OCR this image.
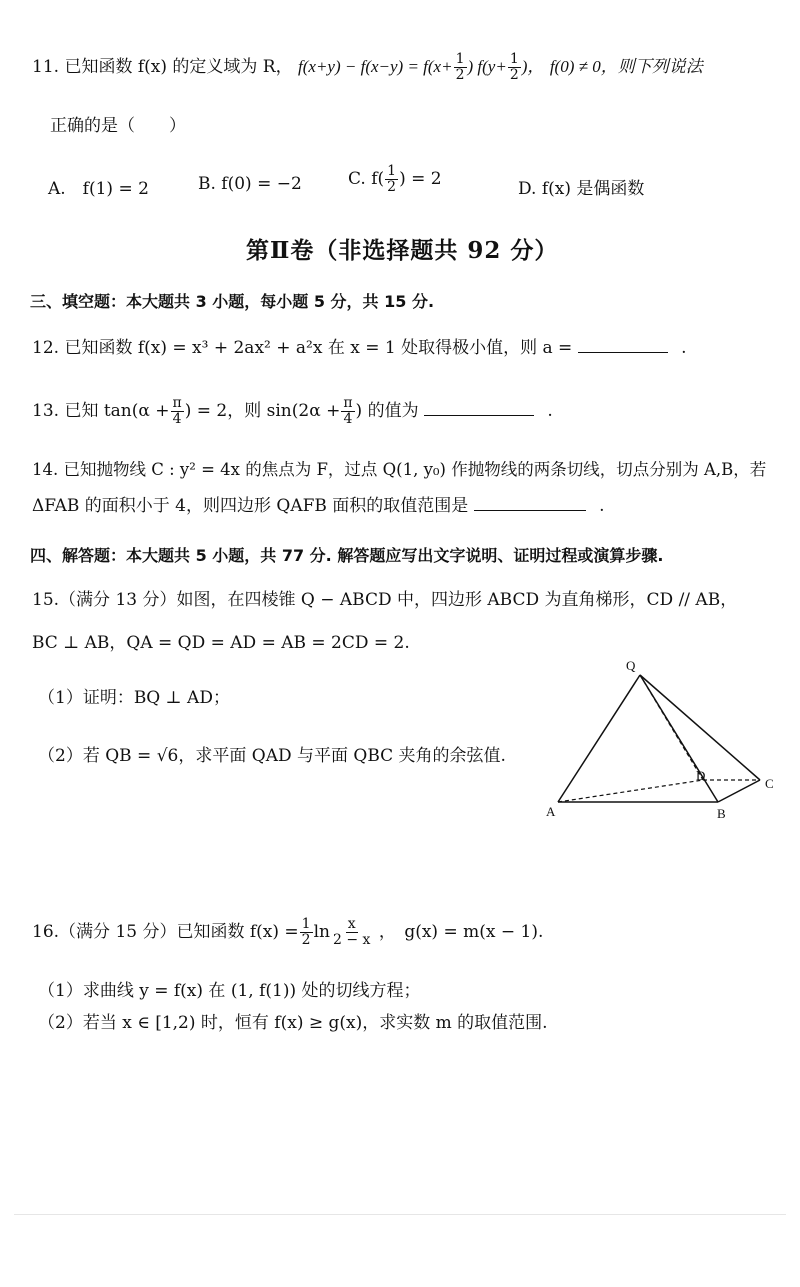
11. 已知函数 f(x) 的定义域为 R， $f(x+y) - f(x-y) = f(x+ \frac{1}{2}$ ) $f(y+ \frac{1}{2}$ )， f(0) ≠ 0，则下列说法
正确的是（　　）
A.　f(1) = 2	B. f(0) = −2	C. $f( \frac{1}{2}$ ) = 2	D. f(x) 是偶函数
第Ⅱ卷（非选择题共 92 分）
三、填空题：本大题共 3 小题，每小题 5 分，共 15 分.
12. 已知函数 f(x) = x³ + 2ax² + a²x 在 x = 1 处取得极小值，则 a =	.
13. 已知 $\tan(\alpha + \frac{\pi}{4}$ ) = 2，则 $\sin(2\alpha + \frac{\pi}{4}$ ) 的值为	.
14. 已知抛物线 C : y² = 4x 的焦点为 F，过点 Q(1, y₀) 作抛物线的两条切线，切点分别为 A,B，若
ΔFAB 的面积小于 4，则四边形 QAFB 面积的取值范围是	.
四、解答题：本大题共 5 小题，共 77 分. 解答题应写出文字说明、证明过程或演算步骤.
15.（满分 13 分）如图，在四棱锥 Q − ABCD 中，四边形 ABCD 为直角梯形，CD // AB，
BC ⊥ AB，QA = QD = AD = AB = 2CD = 2.
（1）证明：BQ ⊥ AD；
（2）若 QB = √6，求平面 QAD 与平面 QBC 夹角的余弦值.
Q
A	B
C
D
16.（满分 15 分）已知函数 $f(x) = \frac{1}{2}$ $\ln \frac{x}{2 - x}$ ，　g(x) = m(x − 1).
（1）求曲线 y = f(x) 在 (1, f(1)) 处的切线方程；
（2）若当 x ∈ [1,2) 时，恒有 f(x) ≥ g(x)，求实数 m 的取值范围.
